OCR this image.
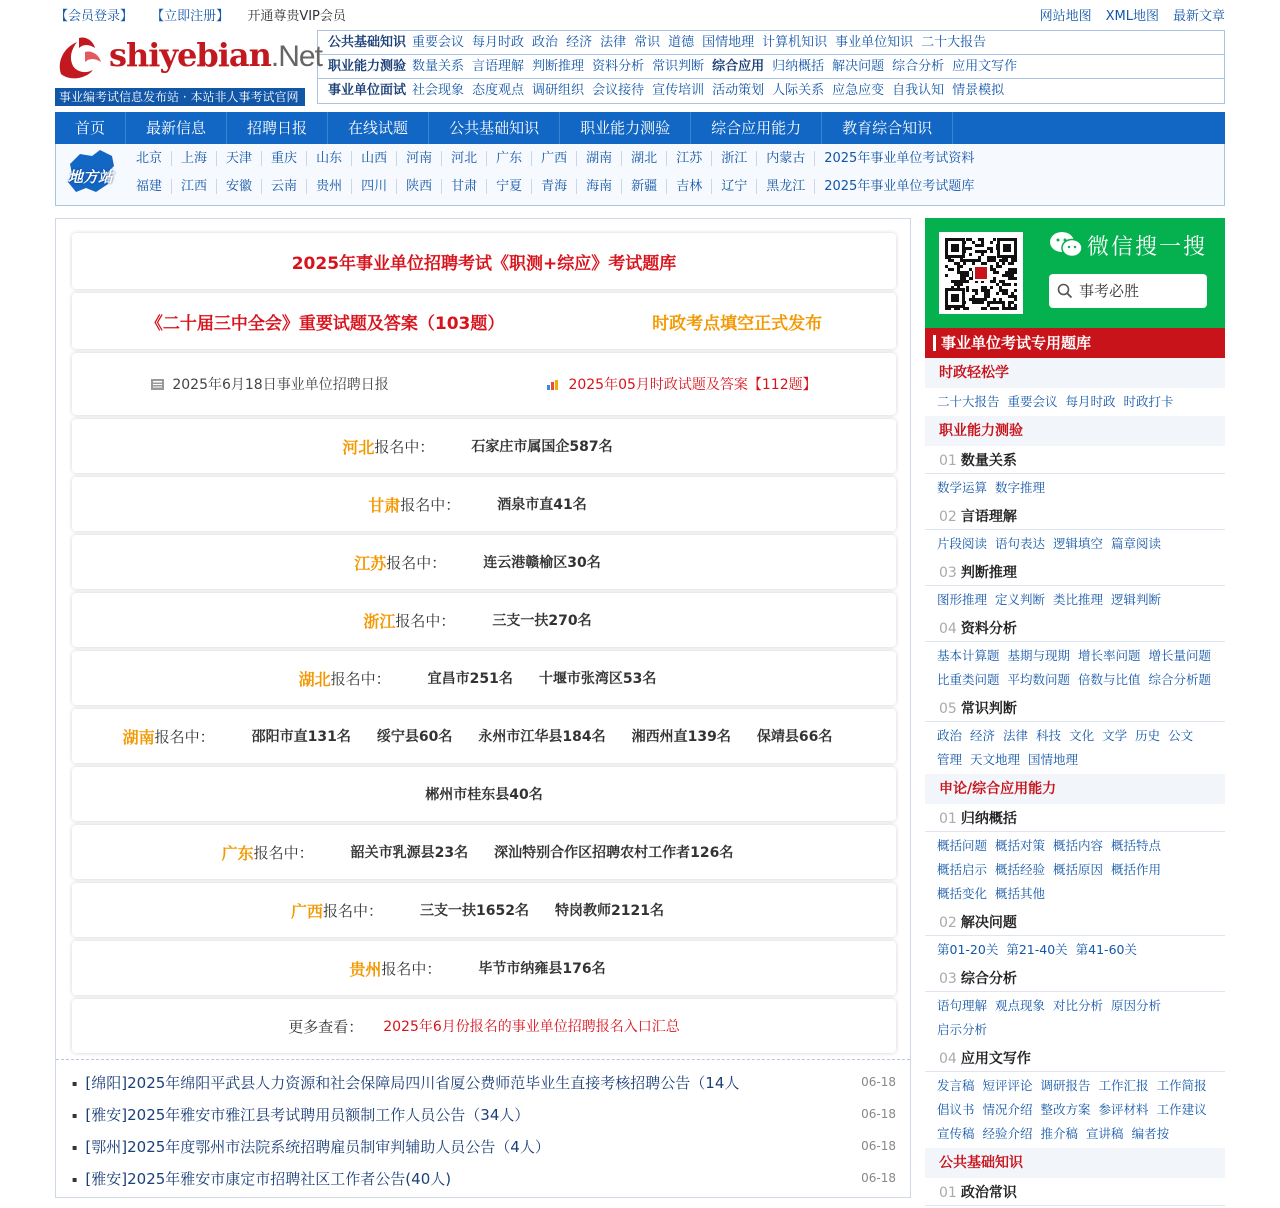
【会员登录】 【立即注册】 开通尊贵VIP会员	网站地图 XML地图 最新文章
shiyebian.Net
事业编考试信息发布站 · 本站非人事考试官网
公共基础知识 重要会议 每月时政 政治 经济 法律 常识 道德 国情地理 计算机知识 事业单位知识 二十大报告
职业能力测验 数量关系 言语理解 判断推理 资料分析 常识判断 综合应用 归纳概括 解决问题 综合分析 应用文写作
事业单位面试 社会现象 态度观点 调研组织 会议接待 宣传培训 活动策划 人际关系 应急应变 自我认知 情景模拟
首页	最新信息	招聘日报	在线试题	公共基础知识	职业能力测验	综合应用能力	教育综合知识
地方站
北京 上海 天津 重庆 山东 山西 河南 河北 广东 广西 湖南 湖北 江苏 浙江 内蒙古 2025年事业单位考试资料
福建 江西 安徽 云南 贵州 四川 陕西 甘肃 宁夏 青海 海南 新疆 吉林 辽宁 黑龙江 2025年事业单位考试题库
2025年事业单位招聘考试《职测+综应》考试题库
《二十届三中全会》重要试题及答案（103题）	时政考点填空正式发布
2025年6月18日事业单位招聘日报	2025年05月时政试题及答案【112题】
河北 报名中：	石家庄市属国企587名
甘肃 报名中：	酒泉市直41名
江苏 报名中：	连云港赣榆区30名
浙江 报名中：	三支一扶270名
湖北 报名中：	宜昌市251名 十堰市张湾区53名
湖南 报名中：	邵阳市直131名 绥宁县60名 永州市江华县184名 湘西州直139名 保靖县66名
郴州市桂东县40名
广东 报名中：	韶关市乳源县23名 深汕特别合作区招聘农村工作者126名
广西 报名中：	三支一扶1652名 特岗教师2121名
贵州 报名中：	毕节市纳雍县176名
更多查看： 2025年6月份报名的事业单位招聘报名入口汇总
▪ [绵阳]2025年绵阳平武县人力资源和社会保障局四川省厦公费师范毕业生直接考核招聘公告（14人	06-18
▪ [雅安]2025年雅安市雅江县考试聘用员额制工作人员公告（34人）	06-18
▪ [鄂州]2025年度鄂州市法院系统招聘雇员制审判辅助人员公告（4人）	06-18
▪ [雅安]2025年雅安市康定市招聘社区工作者公告(40人)	06-18
微信搜一搜
事考必胜
事业单位考试专用题库
时政轻松学
二十大报告 重要会议 每月时政 时政打卡
职业能力测验
01 数量关系
数学运算 数字推理
02 言语理解
片段阅读 语句表达 逻辑填空 篇章阅读
03 判断推理
图形推理 定义判断 类比推理 逻辑判断
04 资料分析
基本计算题 基期与现期 增长率问题 增长量问题比重类问题 平均数问题 倍数与比值 综合分析题
05 常识判断
政治 经济 法律 科技 文化 文学 历史 公文管理 天文地理 国情地理
申论/综合应用能力
01 归纳概括
概括问题 概括对策 概括内容 概括特点概括启示 概括经验 概括原因 概括作用概括变化 概括其他
02 解决问题
第01-20关 第21-40关 第41-60关
03 综合分析
语句理解 观点现象 对比分析 原因分析启示分析
04 应用文写作
发言稿 短评评论 调研报告 工作汇报 工作简报倡议书 情况介绍 整改方案 参评材料 工作建议宣传稿 经验介绍 推介稿 宣讲稿 编者按
公共基础知识
01 政治常识
